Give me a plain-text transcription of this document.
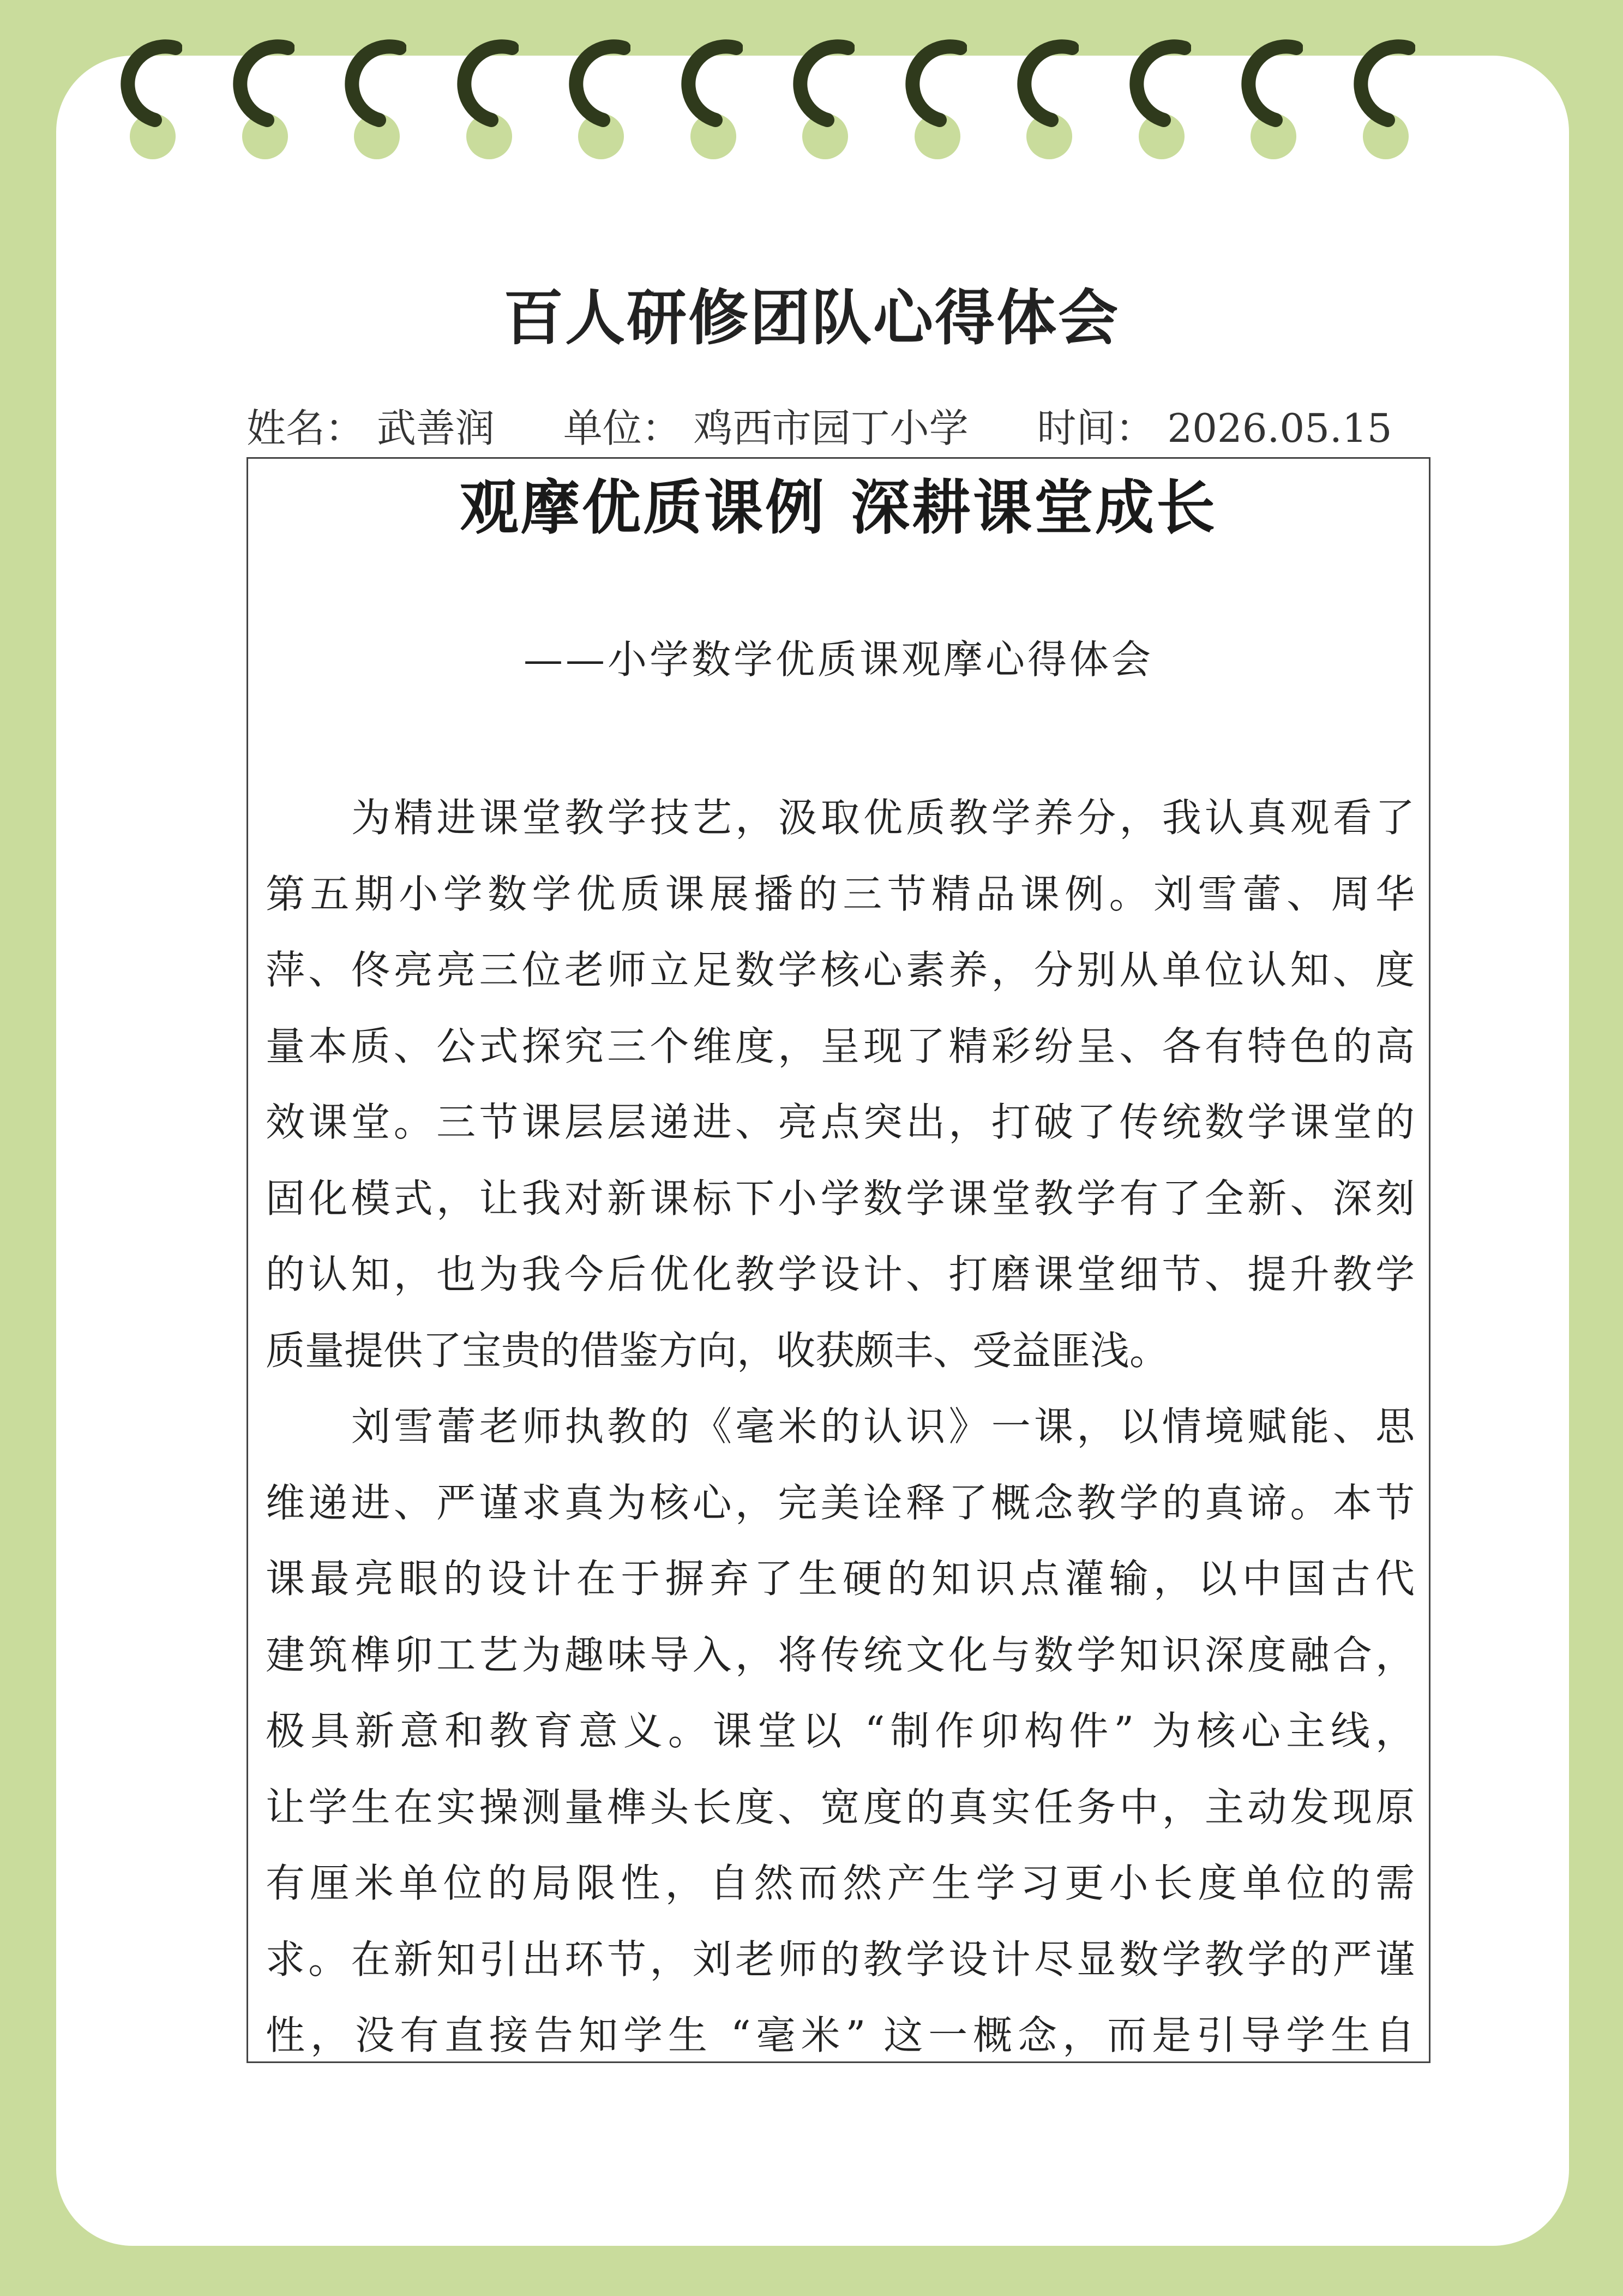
百人研修团队心得体会
姓名： 武善润 单位： 鸡西市园丁小学 时间： 2026.05.15
观摩优质课例 深耕课堂成长
——小学数学优质课观摩心得体会
为精进课堂教学技艺，汲取优质教学养分，我认真观看了
第五期小学数学优质课展播的三节精品课例。刘雪蕾、周华
萍、佟亮亮三位老师立足数学核心素养，分别从单位认知、度
量本质、公式探究三个维度，呈现了精彩纷呈、各有特色的高
效课堂。三节课层层递进、亮点突出，打破了传统数学课堂的
固化模式，让我对新课标下小学数学课堂教学有了全新、深刻
的认知，也为我今后优化教学设计、打磨课堂细节、提升教学
质量提供了宝贵的借鉴方向，收获颇丰、受益匪浅。
刘雪蕾老师执教的《毫米的认识》一课，以情境赋能、思
维递进、严谨求真为核心，完美诠释了概念教学的真谛。本节
课最亮眼的设计在于摒弃了生硬的知识点灌输，以中国古代
建筑榫卯工艺为趣味导入，将传统文化与数学知识深度融合，
极具新意和教育意义。课堂以 “制作卯构件” 为核心主线，
让学生在实操测量榫头长度、宽度的真实任务中，主动发现原
有厘米单位的局限性，自然而然产生学习更小长度单位的需
求。在新知引出环节，刘老师的教学设计尽显数学教学的严谨
性，没有直接告知学生 “毫米” 这一概念，而是引导学生自
